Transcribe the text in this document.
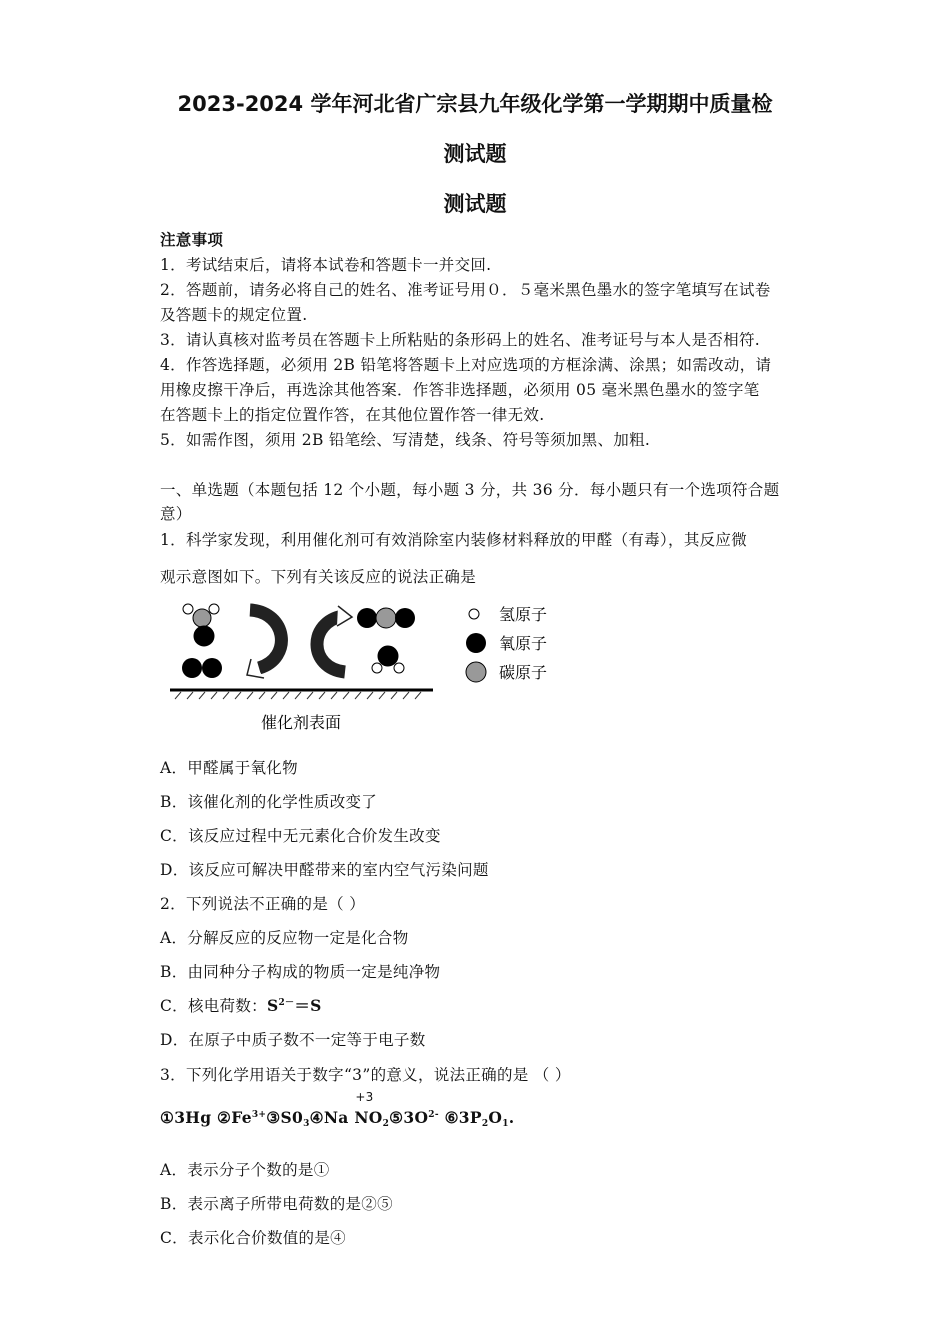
2023-2024 学年河北省广宗县九年级化学第一学期期中质量检
测试题
测试题
注意事项
1．考试结束后，请将本试卷和答题卡一并交回.
2．答题前，请务必将自己的姓名、准考证号用０．５毫米黑色墨水的签字笔填写在试卷
及答题卡的规定位置.
3．请认真核对监考员在答题卡上所粘贴的条形码上的姓名、准考证号与本人是否相符.
4．作答选择题，必须用 2B 铅笔将答题卡上对应选项的方框涂满、涂黑；如需改动，请
用橡皮擦干净后，再选涂其他答案．作答非选择题，必须用 05 毫米黑色墨水的签字笔
在答题卡上的指定位置作答，在其他位置作答一律无效.
5．如需作图，须用 2B 铅笔绘、写清楚，线条、符号等须加黑、加粗.
一、单选题（本题包括 12 个小题，每小题 3 分，共 36 分．每小题只有一个选项符合题
意）
1．科学家发现，利用催化剂可有效消除室内装修材料释放的甲醛（有毒），其反应微
观示意图如下。下列有关该反应的说法正确是
氢原子
氧原子
碳原子
催化剂表面
A．甲醛属于氧化物
B．该催化剂的化学性质改变了
C．该反应过程中无元素化合价发生改变
D．该反应可解决甲醛带来的室内空气污染问题
2．下列说法不正确的是（ ）
A．分解反应的反应物一定是化合物
B．由同种分子构成的物质一定是纯净物
C．核电荷数：$S^{2-}=S$
D．在原子中质子数不一定等于电子数
3．下列化学用语关于数字“3”的意义，说法正确的是 （ ）
①3Hg $②Fe^{3+}③S0_3④Na$
+3
$NO_2⑤3O^{2-}$ $⑥3P_2O_1$.
A．表示分子个数的是①
B．表示离子所带电荷数的是②⑤
C．表示化合价数值的是④
